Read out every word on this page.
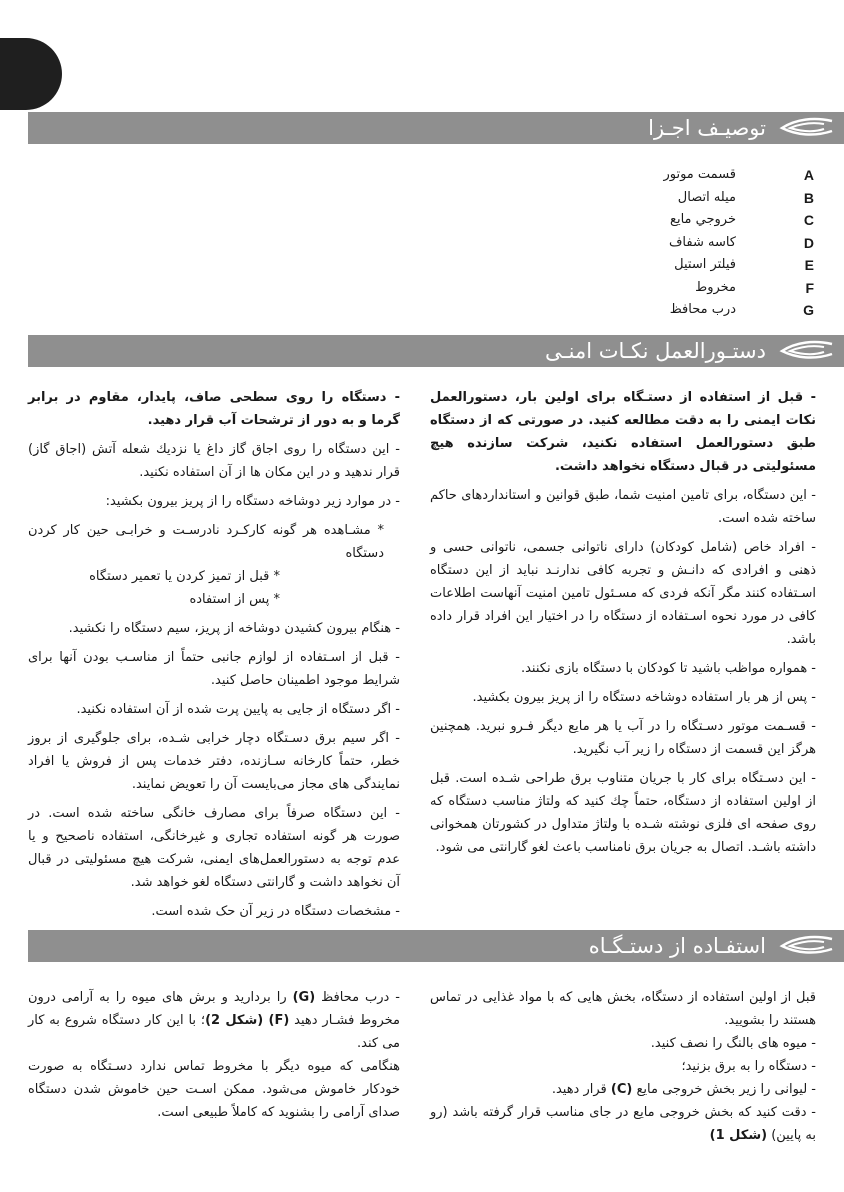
توصیـف اجـزا
A
قسمت موتور
B
میله اتصال
C
خروجي مايع
D
كاسه شفاف
E
فيلتر استيل
F
مخروط
G
درب محافظ
دستـورالعمل نکـات امنـی

- قبل از استفاده از دستـگاه برای اولین بار، دستورالعمل نکات ایمنی را به دقت مطالعه کنید. در صورتی که از دستگاه طبق دستورالعمل استفاده نکنید، شرکت سازنده هیچ مسئولیتی در قبال دستگاه نخواهد داشت.

- این دستگاه، برای تامین امنیت شما، طبق قوانین و استانداردهای حاکم ساخته شده است.

- افراد خاص (شامل کودکان) دارای ناتوانی جسمی، ناتوانی حسی و ذهنی و افرادی که دانـش و تجربه کافی ندارنـد نباید از این دستگاه اسـتفاده کنند مگر آنکه فردی که مسـئول تامین امنیت آنهاست اطلاعات کافی در مورد نحوه اسـتفاده از دستگاه را در اختیار این افراد قرار داده باشد.

- همواره مواظب باشید تا کودکان با دستگاه بازی نکنند.

- پس از هر بار استفاده دوشاخه دستگاه را از پریز بیرون بکشید.

- قسـمت موتور دسـتگاه را در آب یا هر مایع دیگر فـرو نبرید. همچنین هرگز این قسمت از دستگاه را زیر آب نگیرید.

- این دسـتگاه برای کار با جریان متناوب برق طراحی شـده است. قبل از اولین استفاده از دستگاه، حتماً چك کنید که ولتاژ مناسب دستگاه که روی صفحه ای فلزی نوشته شـده با ولتاژ متداول در کشورتان همخوانی داشته باشـد. اتصال به جریان برق نامناسب باعث لغو گارانتی می شود.

- دستگاه را روی سطحی صاف، پایدار، مقاوم در برابر گرما و به دور از ترشحات آب قرار دهید.

- این دستگاه را روی اجاق گاز داغ یا نزدیك شعله آتش (اجاق گاز) قرار ندهید و در این مکان ها از آن استفاده نکنید.

- در موارد زیر دوشاخه دستگاه را از پریز بیرون بکشید:

* مشـاهده هر گونه کارکـرد نادرسـت و خرابـی حین کار کردن دستگاه

* قبل از تمیز کردن یا تعمیر دستگاه

* پس از استفاده

- هنگام بیرون کشیدن دوشاخه از پریز، سیم دستگاه را نکشید.

- قبل از اسـتفاده از لوازم جانبی حتماً از مناسـب بودن آنها برای شرایط موجود اطمینان حاصل کنید.

- اگر دستگاه از جایی به پایین پرت شده از آن استفاده نکنید.

- اگر سیم برق دسـتگاه دچار خرابی شـده، برای جلوگیری از بروز خطر، حتماً کارخانه سـازنده، دفتر خدمات پس از فروش یا افراد نمایندگی های مجاز می‌بایست آن را تعویض نمایند.

- این دستگاه صرفاً برای مصارف خانگی ساخته شده است. در صورت هر گونه استفاده تجاری و غیرخانگی، استفاده ناصحیح و یا عدم توجه به دستورالعمل‌های ایمنی، شرکت هیچ مسئولیتی در قبال آن نخواهد داشت و گارانتی دستگاه لغو خواهد شد.

- مشخصات دستگاه در زیر آن حک شده است.

استفـاده از دستـگـاه

قبل از اولین استفاده از دستگاه، بخش هایی که با مواد غذایی در تماس هستند را بشویید.

- میوه های بالنگ را نصف کنید.

- دستگاه را به برق بزنید؛

- لیوانی را زیر بخش خروجی مایع (C) قرار دهید.

- دقت کنید که بخش خروجی مایع در جای مناسب قرار گرفته باشد (رو به پایین) (شکل 1)

- درب محافظ (G) را بردارید و برش های میوه را به آرامی درون مخروط فشـار دهید (F) (شکل 2)؛ با این کار دستگاه شروع به کار می کند.

هنگامی که میوه دیگر با مخروط تماس ندارد دسـتگاه به صورت خودکار خاموش می‌شود. ممکن اسـت حین خاموش شدن دستگاه صدای آرامی را بشنوید که کاملاً طبیعی است.
